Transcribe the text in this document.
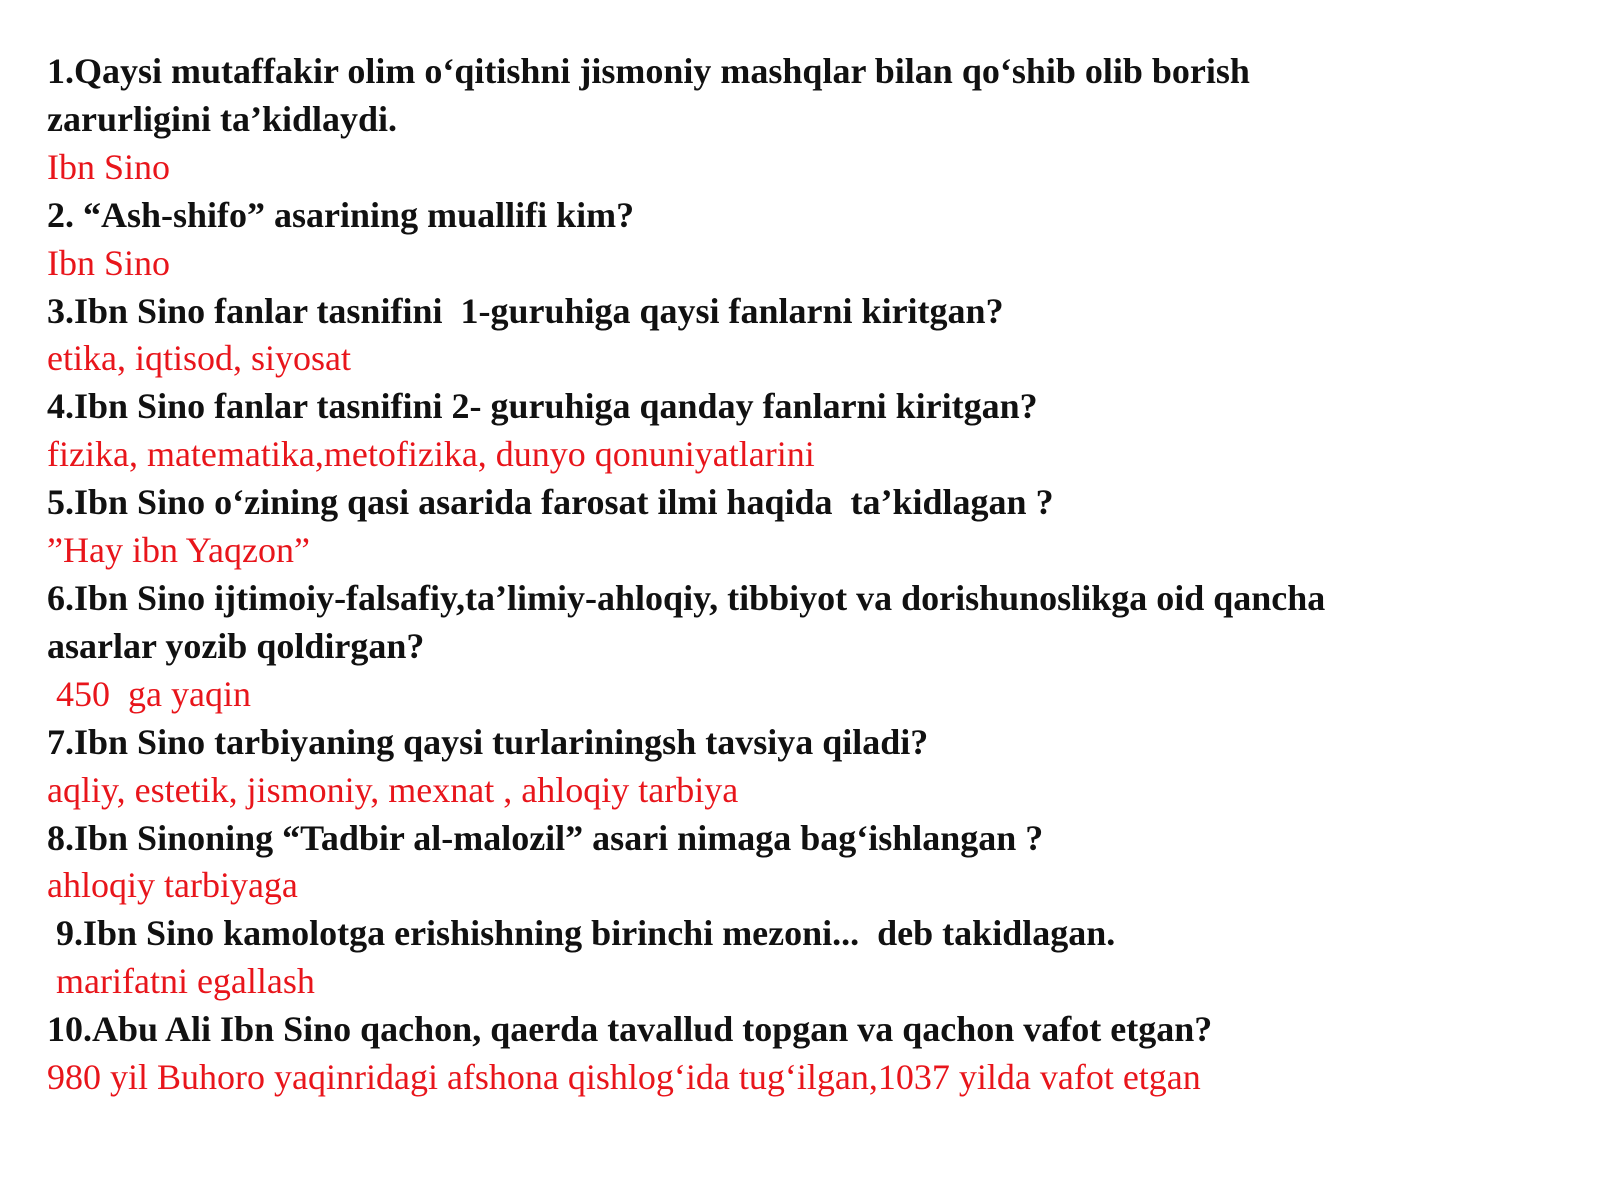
1.Qaysi mutaffakir olim o‘qitishni jismoniy mashqlar bilan qo‘shib olib borish
zarurligini ta’kidlaydi.
Ibn Sino
2. “Ash-shifo” asarining muallifi kim?
Ibn Sino
3.Ibn Sino fanlar tasnifini  1-guruhiga qaysi fanlarni kiritgan?
etika, iqtisod, siyosat
4.Ibn Sino fanlar tasnifini 2- guruhiga qanday fanlarni kiritgan?
fizika, matematika,metofizika, dunyo qonuniyatlarini
5.Ibn Sino o‘zining qasi asarida farosat ilmi haqida  ta’kidlagan ?
”Hay ibn Yaqzon”
6.Ibn Sino ijtimoiy-falsafiy,ta’limiy-ahloqiy, tibbiyot va dorishunoslikga oid qancha
asarlar yozib qoldirgan?
450  ga yaqin
7.Ibn Sino tarbiyaning qaysi turlariningsh tavsiya qiladi?
aqliy, estetik, jismoniy, mexnat , ahloqiy tarbiya
8.Ibn Sinoning “Tadbir al-malozil” asari nimaga bag‘ishlangan ?
ahloqiy tarbiyaga
9.Ibn Sino kamolotga erishishning birinchi mezoni...  deb takidlagan.
marifatni egallash
10.Abu Ali Ibn Sino qachon, qaerda tavallud topgan va qachon vafot etgan?
980 yil Buhoro yaqinridagi afshona qishlog‘ida tug‘ilgan,1037 yilda vafot etgan
